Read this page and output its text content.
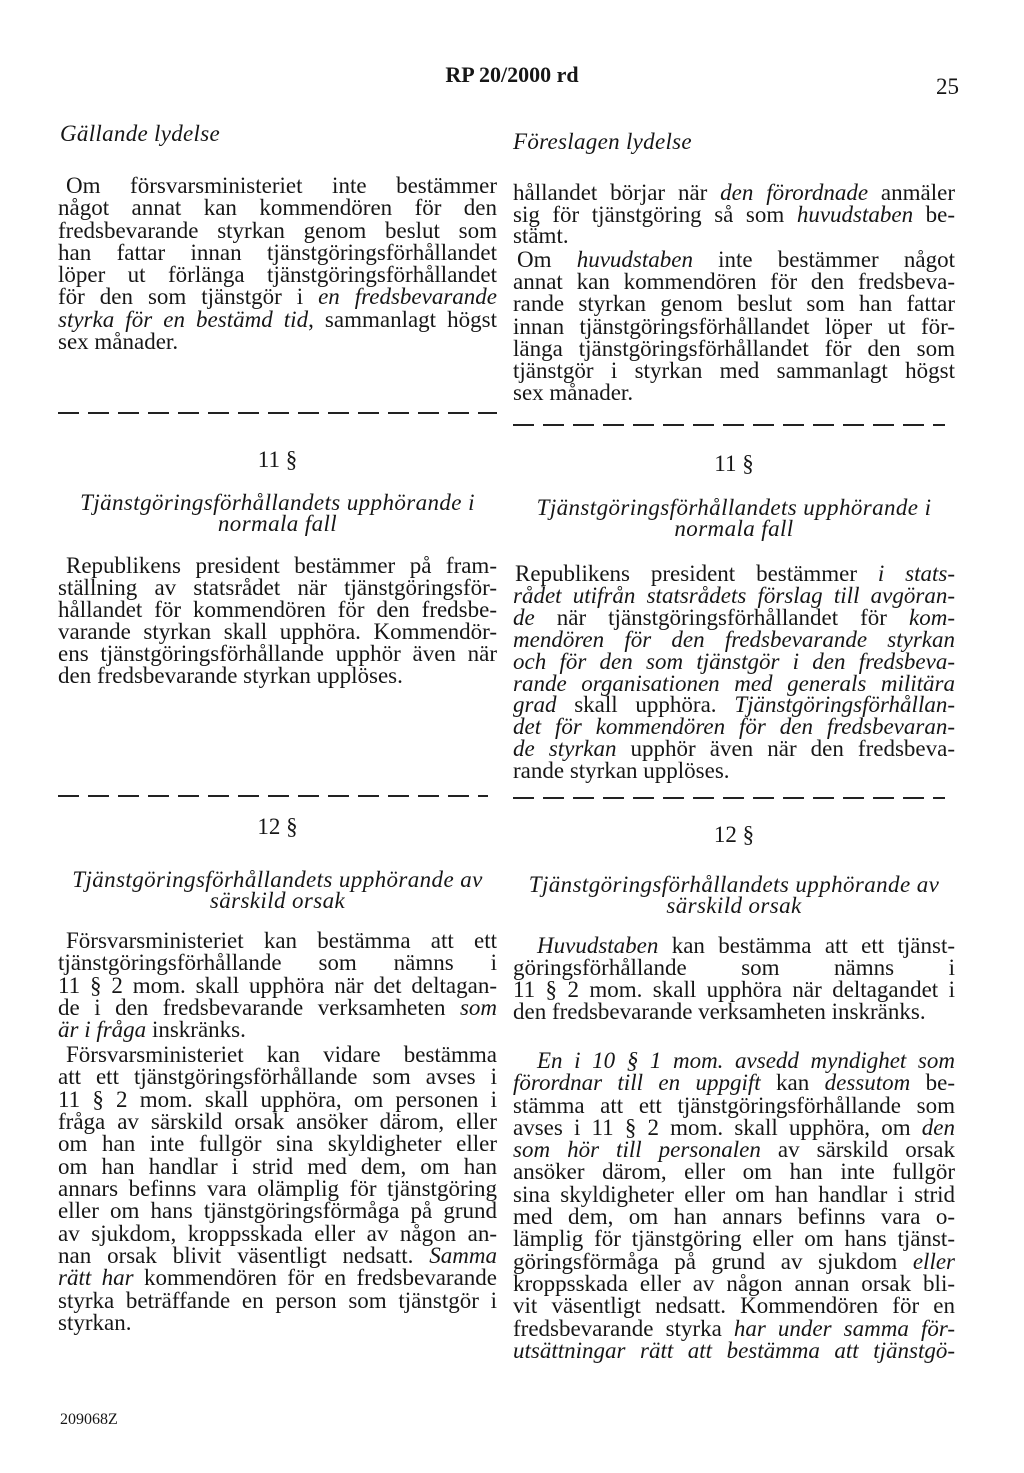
RP 20/2000 rd	25
Gällande lydelse	Föreslagen lydelse
Om försvarsministeriet inte bestämmer
något annat kan kommendören för den
fredsbevarande styrkan genom beslut som
han fattar innan tjänstgöringsförhållandet
löper ut förlänga tjänstgöringsförhållandet
för den som tjänstgör i en fredsbevarande
styrka för en bestämd tid, sammanlagt högst
sex månader.
hållandet börjar när den förordnade anmäler
sig för tjänstgöring så som huvudstaben be-
stämt.
Om huvudstaben inte bestämmer något
annat kan kommendören för den fredsbeva-
rande styrkan genom beslut som han fattar
innan tjänstgöringsförhållandet löper ut för-
länga tjänstgöringsförhållandet för den som
tjänstgör i styrkan med sammanlagt högst
sex månader.
11 §
Tjänstgöringsförhållandets upphörande i
normala fall
Republikens president bestämmer på fram-
ställning av statsrådet när tjänstgöringsför-
hållandet för kommendören för den fredsbe-
varande styrkan skall upphöra. Kommendör-
ens tjänstgöringsförhållande upphör även när
den fredsbevarande styrkan upplöses.
11 §
Tjänstgöringsförhållandets upphörande i
normala fall
Republikens president bestämmer i stats-
rådet utifrån statsrådets förslag till avgöran-
de när tjänstgöringsförhållandet för kom-
mendören för den fredsbevarande styrkan
och för den som tjänstgör i den fredsbeva-
rande organisationen med generals militära
grad skall upphöra. Tjänstgöringsförhållan-
det för kommendören för den fredsbevaran-
de styrkan upphör även när den fredsbeva-
rande styrkan upplöses.
12 §
Tjänstgöringsförhållandets upphörande av
särskild orsak
Försvarsministeriet kan bestämma att ett
tjänstgöringsförhållande som nämns i
11 § 2 mom. skall upphöra när det deltagan-
de i den fredsbevarande verksamheten som
är i fråga inskränks.
Försvarsministeriet kan vidare bestämma
att ett tjänstgöringsförhållande som avses i
11 § 2 mom. skall upphöra, om personen i
fråga av särskild orsak ansöker därom, eller
om han inte fullgör sina skyldigheter eller
om han handlar i strid med dem, om han
annars befinns vara olämplig för tjänstgöring
eller om hans tjänstgöringsförmåga på grund
av sjukdom, kroppsskada eller av någon an-
nan orsak blivit väsentligt nedsatt. Samma
rätt har kommendören för en fredsbevarande
styrka beträffande en person som tjänstgör i
styrkan.
12 §
Tjänstgöringsförhållandets upphörande av
särskild orsak
Huvudstaben kan bestämma att ett tjänst-
göringsförhållande som nämns i
11 § 2 mom. skall upphöra när deltagandet i
den fredsbevarande verksamheten inskränks.
En i 10 § 1 mom. avsedd myndighet som
förordnar till en uppgift kan dessutom be-
stämma att ett tjänstgöringsförhållande som
avses i 11 § 2 mom. skall upphöra, om den
som hör till personalen av särskild orsak
ansöker därom, eller om han inte fullgör
sina skyldigheter eller om han handlar i strid
med dem, om han annars befinns vara o-
lämplig för tjänstgöring eller om hans tjänst-
göringsförmåga på grund av sjukdom eller
kroppsskada eller av någon annan orsak bli-
vit väsentligt nedsatt. Kommendören för en
fredsbevarande styrka har under samma för-
utsättningar rätt att bestämma att tjänstgö-
209068Z
